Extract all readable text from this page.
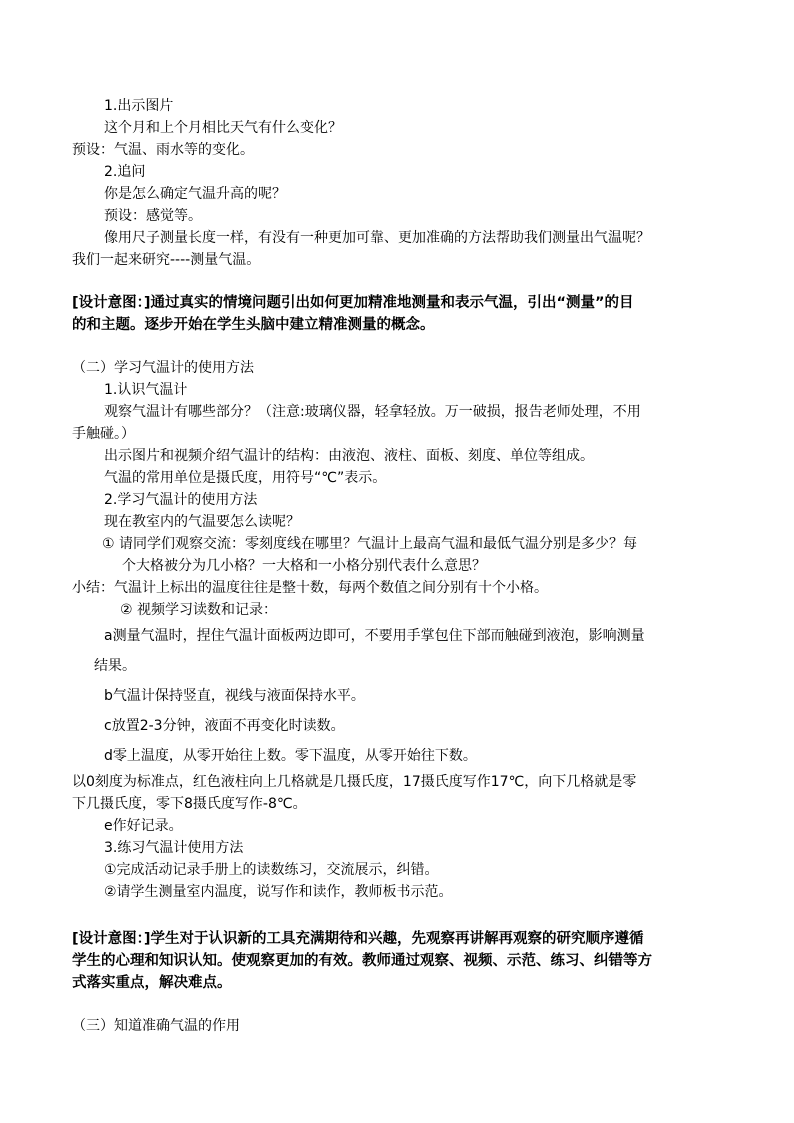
1.出示图片
这个月和上个月相比天气有什么变化？
预设：气温、雨水等的变化。
2.追问
你是怎么确定气温升高的呢？
预设：感觉等。
像用尺子测量长度一样，有没有一种更加可靠、更加准确的方法帮助我们测量出气温呢？
我们一起来研究----测量气温。
[设计意图：]通过真实的情境问题引出如何更加精准地测量和表示气温，引出“测量”的目
的和主题。逐步开始在学生头脑中建立精准测量的概念。
（二）学习气温计的使用方法
1.认识气温计
观察气温计有哪些部分？（注意:玻璃仪器，轻拿轻放。万一破损，报告老师处理，不用
手触碰。）
出示图片和视频介绍气温计的结构：由液泡、液柱、面板、刻度、单位等组成。
气温的常用单位是摄氏度，用符号“℃”表示。
2.学习气温计的使用方法
现在教室内的气温要怎么读呢？
① 请同学们观察交流：零刻度线在哪里？气温计上最高气温和最低气温分别是多少？每
个大格被分为几小格？一大格和一小格分别代表什么意思？
小结：气温计上标出的温度往往是整十数，每两个数值之间分别有十个小格。
② 视频学习读数和记录：
a测量气温时，捏住气温计面板两边即可，不要用手掌包住下部而触碰到液泡，影响测量
结果。
b气温计保持竖直，视线与液面保持水平。
c放置2-3分钟，液面不再变化时读数。
d零上温度，从零开始往上数。零下温度，从零开始往下数。
以0刻度为标准点，红色液柱向上几格就是几摄氏度，17摄氏度写作17℃，向下几格就是零
下几摄氏度，零下8摄氏度写作-8℃。
e作好记录。
3.练习气温计使用方法
①完成活动记录手册上的读数练习，交流展示，纠错。
②请学生测量室内温度，说写作和读作，教师板书示范。
[设计意图：]学生对于认识新的工具充满期待和兴趣，先观察再讲解再观察的研究顺序遵循
学生的心理和知识认知。使观察更加的有效。教师通过观察、视频、示范、练习、纠错等方
式落实重点，解决难点。
（三）知道准确气温的作用
